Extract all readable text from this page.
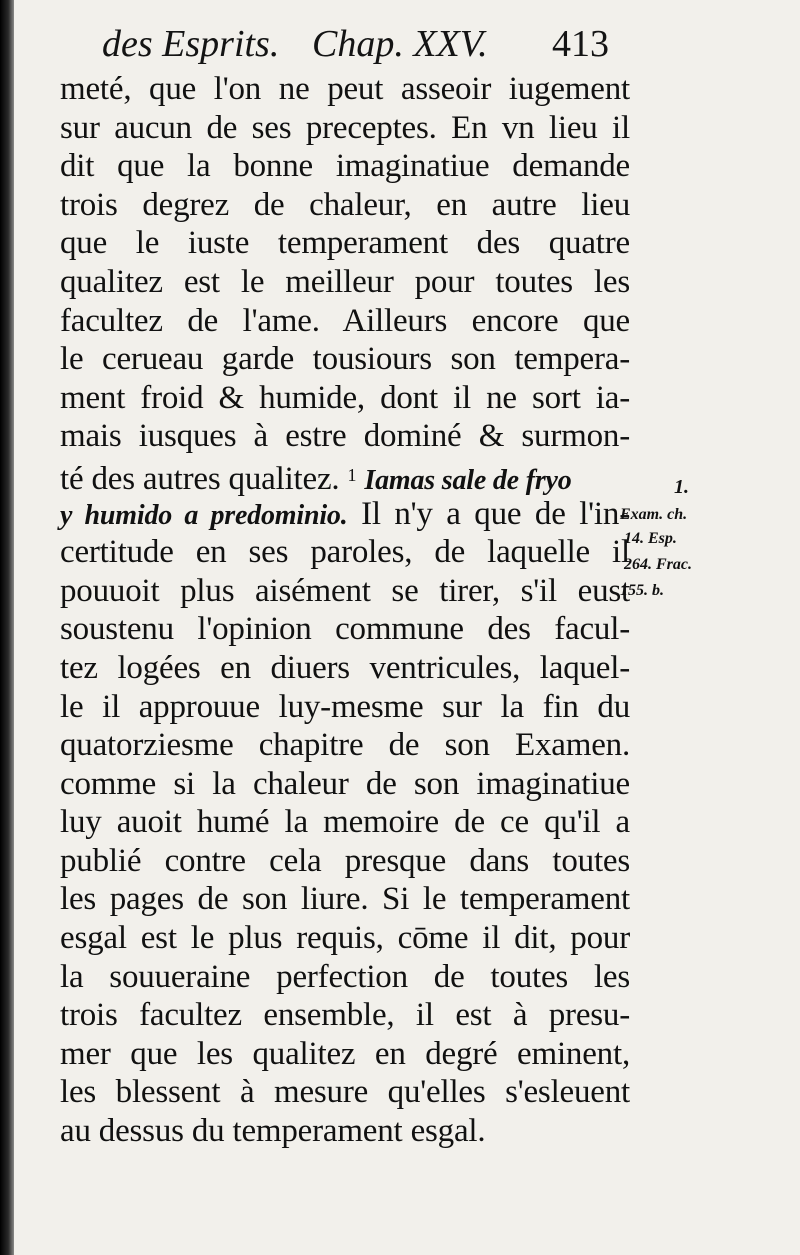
des Esprits. Chap. XXV. 413
meté, que l'on ne peut asseoir iugement
sur aucun de ses preceptes. En vn lieu il
dit que la bonne imaginatiue demande
trois degrez de chaleur, en autre lieu
que le iuste temperament des quatre
qualitez est le meilleur pour toutes les
facultez de l'ame. Ailleurs encore que
le cerueau garde tousiours son tempera-
ment froid & humide, dont il ne sort ia-
mais iusques à estre dominé & surmon-
té des autres qualitez. $^1$ Iamas sale de fryo
y humido a predominio. Il n'y a que de l'in-
certitude en ses paroles, de laquelle il
pouuoit plus aisément se tirer, s'il eust
soustenu l'opinion commune des facul-
tez logées en diuers ventricules, laquel-
le il approuue luy-mesme sur la fin du
quatorziesme chapitre de son Examen.
comme si la chaleur de son imaginatiue
luy auoit humé la memoire de ce qu'il a
publié contre cela presque dans toutes
les pages de son liure. Si le temperament
esgal est le plus requis, cōme il dit, pour
la souueraine perfection de toutes les
trois facultez ensemble, il est à presu-
mer que les qualitez en degré eminent,
les blessent à mesure qu'elles s'esleuent
au dessus du temperament esgal.
1.
Exam. ch.
14. Esp.
264. Frac.
155. b.
